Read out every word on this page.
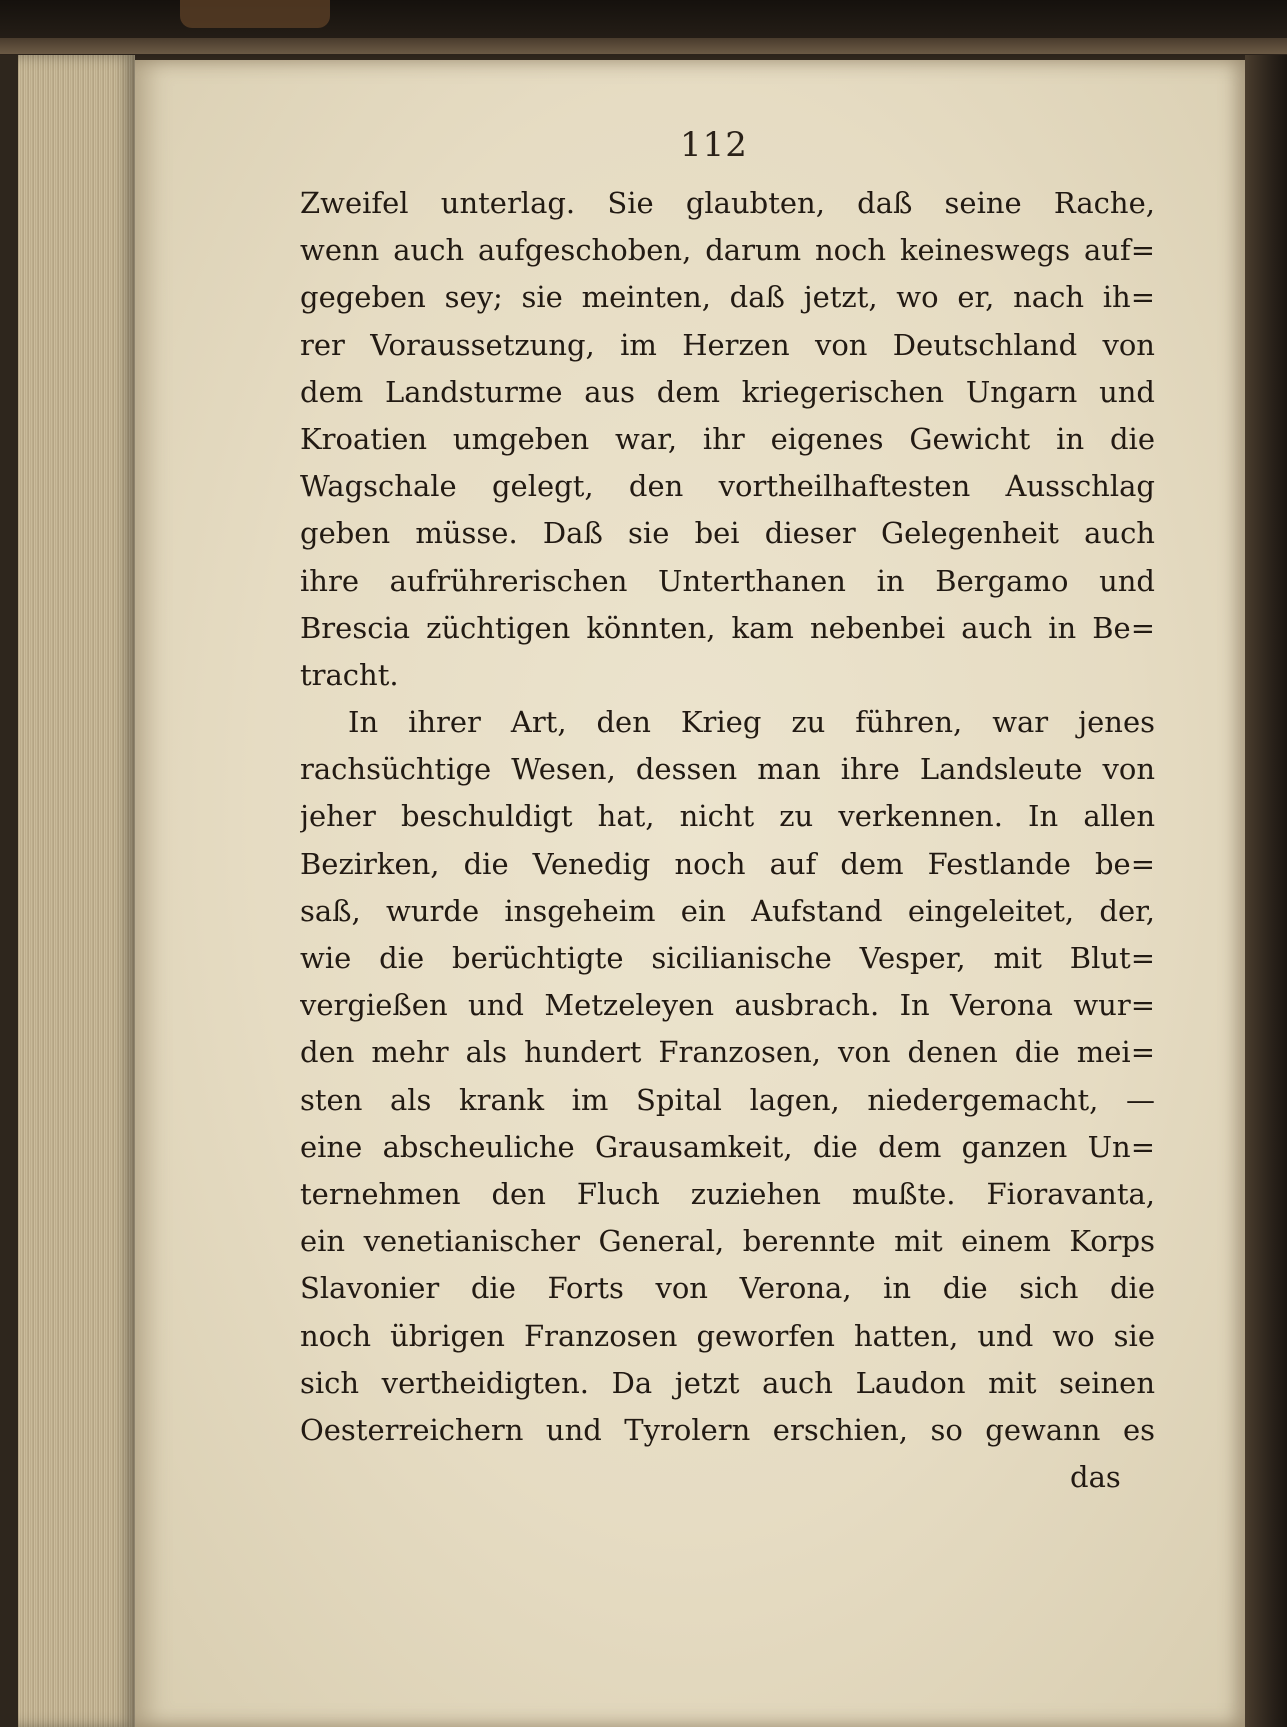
112
Zweifel unterlag. Sie glaubten, daß seine Rache,
wenn auch aufgeschoben, darum noch keineswegs auf=
gegeben sey; sie meinten, daß jetzt, wo er, nach ih=
rer Voraussetzung, im Herzen von Deutschland von
dem Landsturme aus dem kriegerischen Ungarn und
Kroatien umgeben war, ihr eigenes Gewicht in die
Wagschale gelegt, den vortheilhaftesten Ausschlag
geben müsse. Daß sie bei dieser Gelegenheit auch
ihre aufrührerischen Unterthanen in Bergamo und
Brescia züchtigen könnten, kam nebenbei auch in Be=
tracht.
In ihrer Art, den Krieg zu führen, war jenes
rachsüchtige Wesen, dessen man ihre Landsleute von
jeher beschuldigt hat, nicht zu verkennen. In allen
Bezirken, die Venedig noch auf dem Festlande be=
saß, wurde insgeheim ein Aufstand eingeleitet, der,
wie die berüchtigte sicilianische Vesper, mit Blut=
vergießen und Metzeleyen ausbrach. In Verona wur=
den mehr als hundert Franzosen, von denen die mei=
sten als krank im Spital lagen, niedergemacht, —
eine abscheuliche Grausamkeit, die dem ganzen Un=
ternehmen den Fluch zuziehen mußte. Fioravanta,
ein venetianischer General, berennte mit einem Korps
Slavonier die Forts von Verona, in die sich die
noch übrigen Franzosen geworfen hatten, und wo sie
sich vertheidigten. Da jetzt auch Laudon mit seinen
Oesterreichern und Tyrolern erschien, so gewann es
das
